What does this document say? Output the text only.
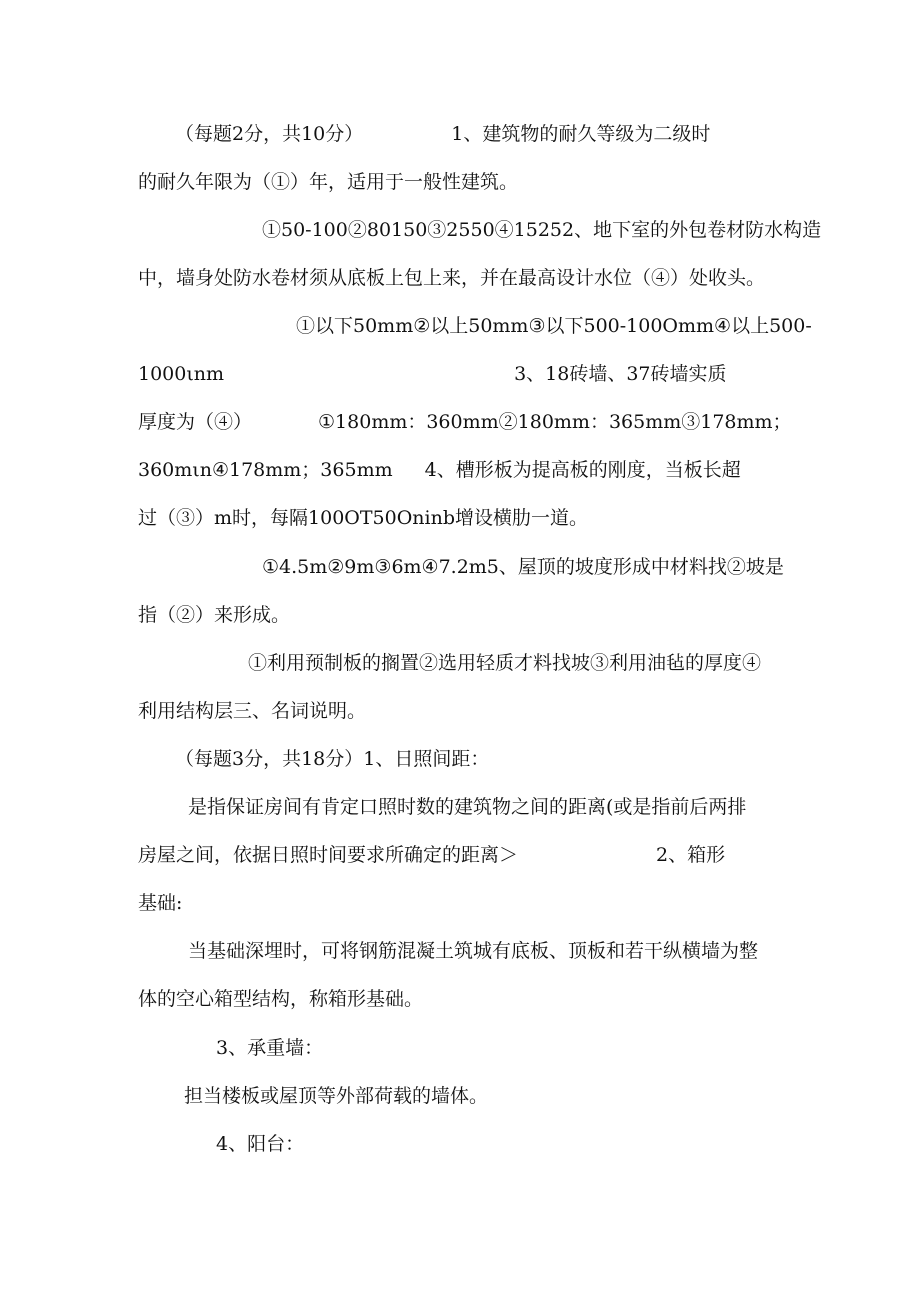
（每题2分，共10分）	1、建筑物的耐久等级为二级时
的耐久年限为（①）年，适用于一般性建筑。
①50-100②80150③2550④15252、地下室的外包卷材防水构造
中，墙身处防水卷材须从底板上包上来，并在最高设计水位（④）处收头。
①以下50mm②以上50mm③以下500-100Omm④以上500-
1000ιnm	3、18砖墙、37砖墙实质
厚度为（④）	①180mm：360mm②180mm：365mm③178mm；
360mιn④178mm；365mm 4、槽形板为提高板的刚度，当板长超
过（③）m时，每隔100OT50Oninb增设横肋一道。
①4.5m②9m③6m④7.2m5、屋顶的坡度形成中材料找②坡是
指（②）来形成。
①利用预制板的搁置②选用轻质才料找坡③利用油毡的厚度④
利用结构层三、名词说明。
（每题3分，共18分）1、日照间距：
是指保证房间有肯定口照时数的建筑物之间的距离(或是指前后两排
房屋之间，依据日照时间要求所确定的距离＞	2、箱形
基础:
当基础深埋时，可将钢筋混凝土筑城有底板、顶板和若干纵横墙为整
体的空心箱型结构，称箱形基础。
3、承重墙：
担当楼板或屋顶等外部荷载的墙体。
4、阳台：
